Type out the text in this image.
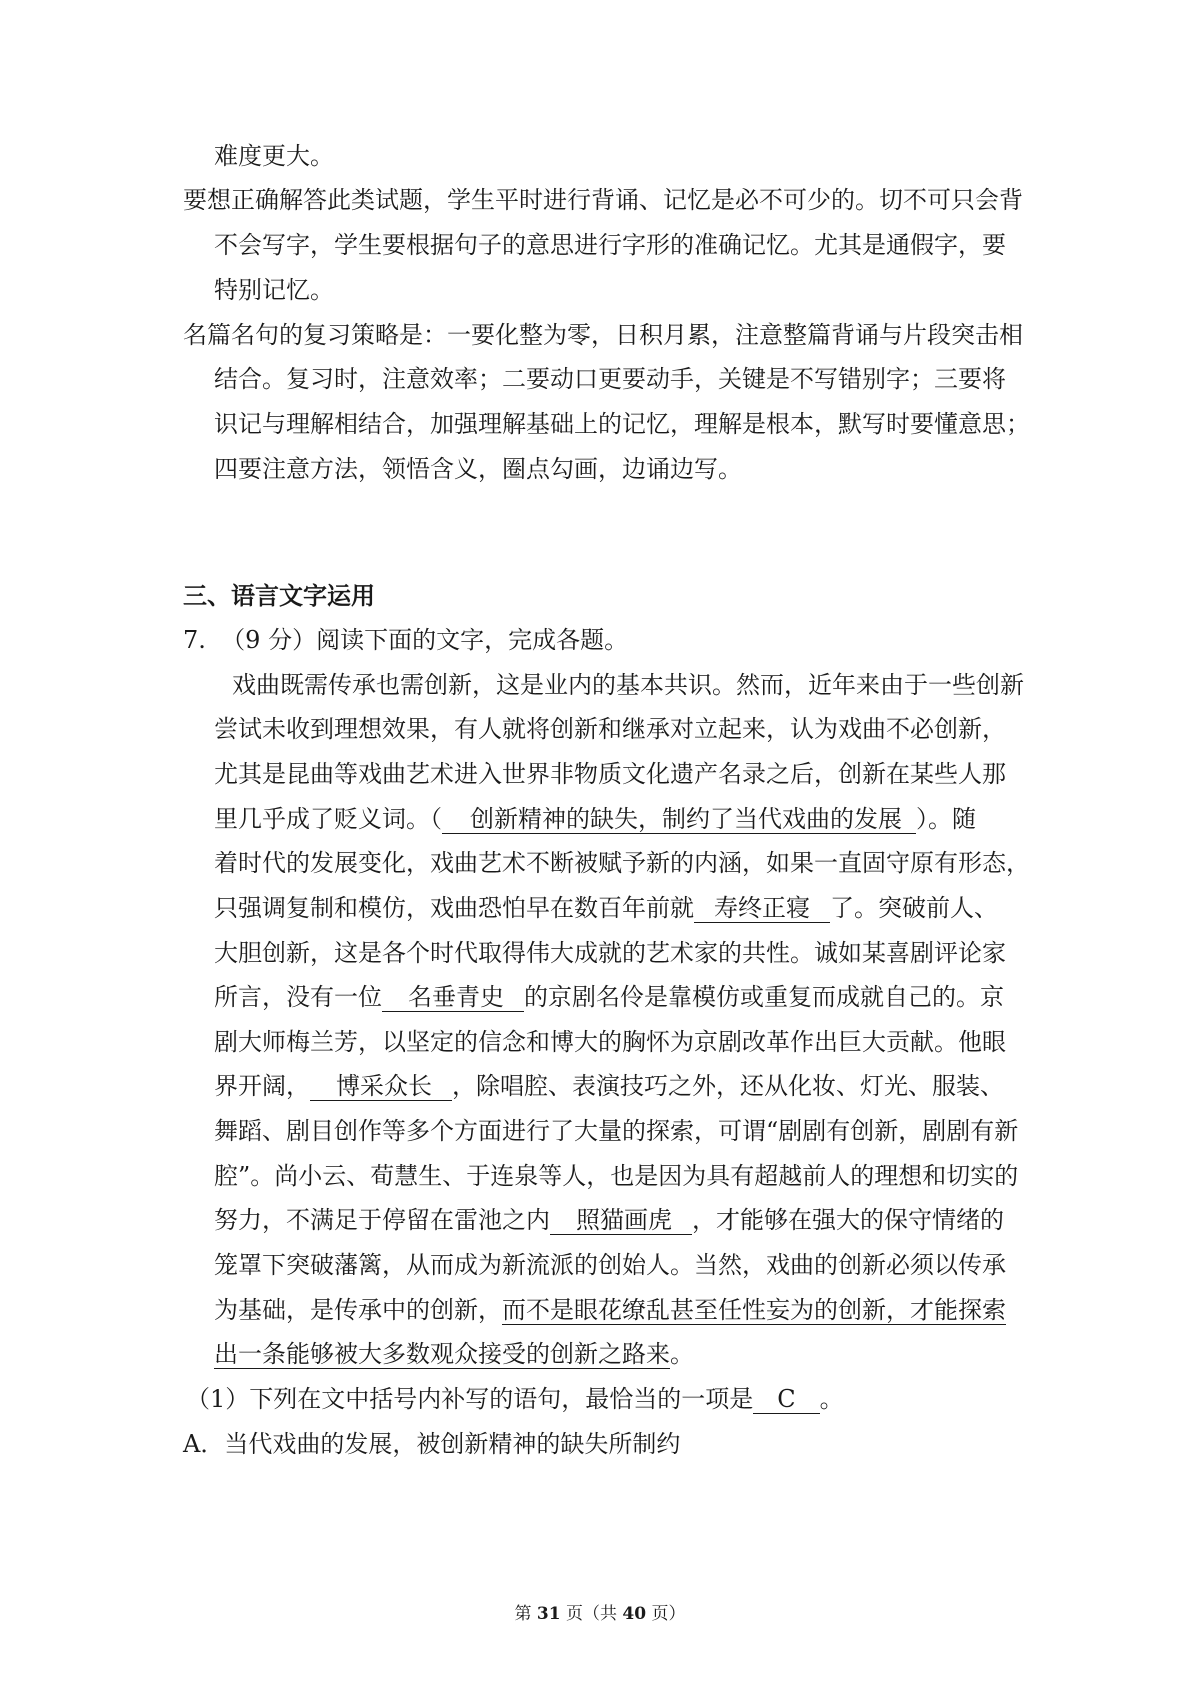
难度更大。
要想正确解答此类试题，学生平时进行背诵、记忆是必不可少的。切不可只会背
不会写字，学生要根据句子的意思进行字形的准确记忆。尤其是通假字，要
特别记忆。
名篇名句的复习策略是：一要化整为零，日积月累，注意整篇背诵与片段突击相
结合。复习时，注意效率；二要动口更要动手，关键是不写错别字；三要将
识记与理解相结合，加强理解基础上的记忆，理解是根本，默写时要懂意思；
四要注意方法，领悟含义，圈点勾画，边诵边写。
三、语言文字运用
7. （9 分）阅读下面的文字，完成各题。
戏曲既需传承也需创新，这是业内的基本共识。然而，近年来由于一些创新
尝试未收到理想效果，有人就将创新和继承对立起来，认为戏曲不必创新，
尤其是昆曲等戏曲艺术进入世界非物质文化遗产名录之后，创新在某些人那
里几乎成了贬义词。（ 创新精神的缺失，制约了当代戏曲的发展 ）。随
着时代的发展变化，戏曲艺术不断被赋予新的内涵，如果一直固守原有形态，
只强调复制和模仿，戏曲恐怕早在数百年前就 寿终正寝 了。突破前人、
大胆创新，这是各个时代取得伟大成就的艺术家的共性。诚如某喜剧评论家
所言，没有一位 名垂青史 的京剧名伶是靠模仿或重复而成就自己的。京
剧大师梅兰芳，以坚定的信念和博大的胸怀为京剧改革作出巨大贡献。他眼
界开阔， 博采众长 ，除唱腔、表演技巧之外，还从化妆、灯光、服装、
舞蹈、剧目创作等多个方面进行了大量的探索，可谓“剧剧有创新，剧剧有新
腔”。尚小云、荀慧生、于连泉等人，也是因为具有超越前人的理想和切实的
努力，不满足于停留在雷池之内 照猫画虎 ，才能够在强大的保守情绪的
笼罩下突破藩篱，从而成为新流派的创始人。当然，戏曲的创新必须以传承
为基础，是传承中的创新，而不是眼花缭乱甚至任性妄为的创新，才能探索
出一条能够被大多数观众接受的创新之路来。
（1）下列在文中括号内补写的语句，最恰当的一项是 C 。
A．当代戏曲的发展，被创新精神的缺失所制约
第 31 页（共 40 页）
